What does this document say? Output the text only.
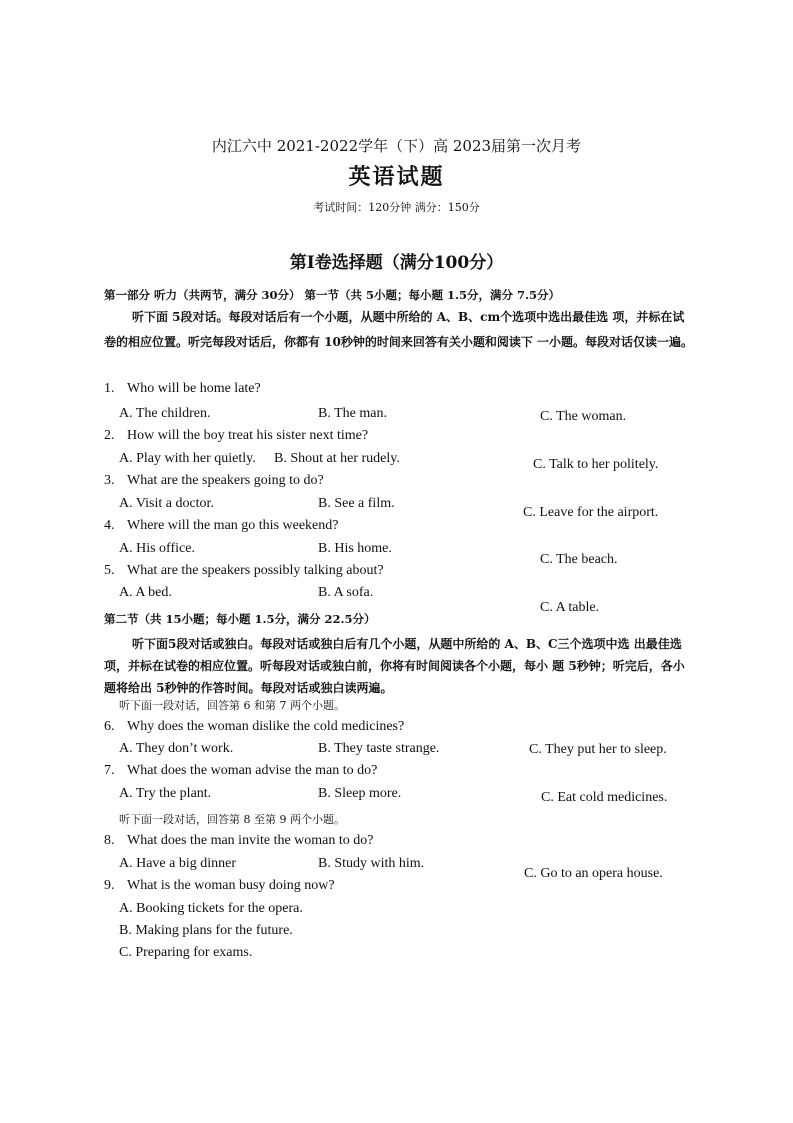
内江六中 2021-2022学年（下）高 2023届第一次月考
英语试题
考试时间：120分钟 满分：150分
第Ⅰ卷选择题（满分100分）
第一部分 听力（共两节，满分 30分） 第一节（共 5小题；每小题 1.5分，满分 7.5分）
听下面 5段对话。每段对话后有一个小题，从题中所给的 A、B、cm个选项中选出最佳选 项，并标在试卷的相应位置。听完每段对话后，你都有 10秒钟的时间来回答有关小题和阅读下 一小题。每段对话仅读一遍。
1. Who will be home late?
A. The children.	B. The man.	C. The woman.
2. How will the boy treat his sister next time?
A. Play with her quietly. B. Shout at her rudely.	C. Talk to her politely.
3. What are the speakers going to do?
A. Visit a doctor.	B. See a film.
C. Leave for the airport.
4. Where will the man go this weekend?
A. His office.	B. His home.
C. The beach.
5. What are the speakers possibly talking about?
A. A bed.	B. A sofa.
C. A table.
第二节（共 15小题；每小题 1.5分，满分 22.5分）
听下面5段对话或独白。每段对话或独白后有几个小题，从题中所给的 A、B、C三个选项中选 出最佳选项，并标在试卷的相应位置。听每段对话或独白前，你将有时间阅读各个小题，每小 题 5秒钟；听完后，各小题将给出 5秒钟的作答时间。每段对话或独白读两遍。
听下面一段对话，回答第 6 和第 7 两个小题。
6. Why does the woman dislike the cold medicines?
A. They don’t work.	B. They taste strange.	C. They put her to sleep.
7. What does the woman advise the man to do?
A. Try the plant.	B. Sleep more.	C. Eat cold medicines.
听下面一段对话，回答第 8 至第 9 两个小题。
8. What does the man invite the woman to do?
A. Have a big dinner	B. Study with him.
C. Go to an opera house.
9. What is the woman busy doing now?
A. Booking tickets for the opera.
B. Making plans for the future.
C. Preparing for exams.
